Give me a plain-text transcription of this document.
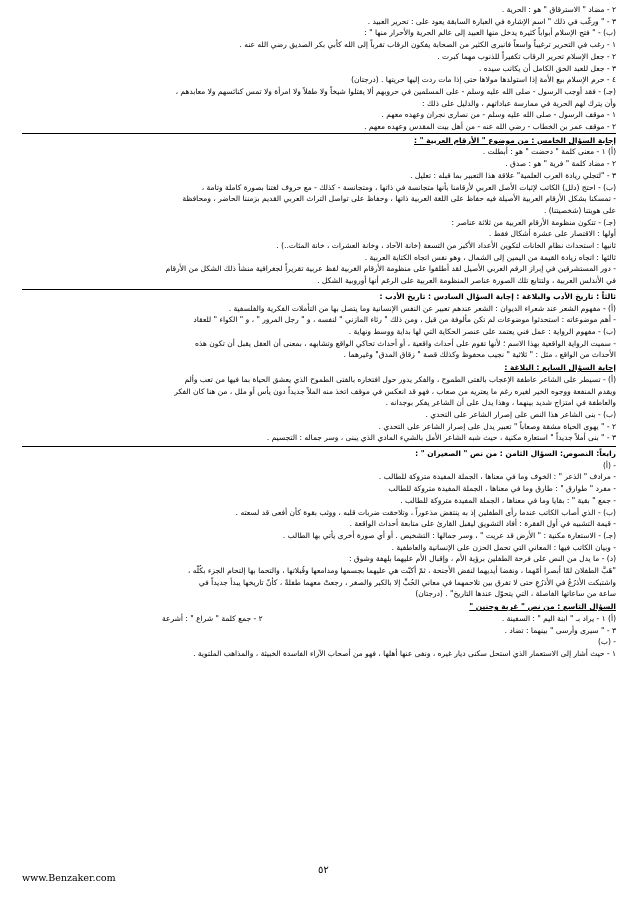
٢ - مضاد " الاسترقاق " هو : الحرية .
٣ - " ورغّب في ذلك " اسم الإشارة في العبارة السابقة يعود على : تحرير العبيد .
(ب) - " فتح الإسلام أبواباً كثيرة يدخل منها العبيد إلى عالم الحرية والأحرار منها " :
١ - رغب في التحرير ترغيباً واسعاً فانبرى الكثير من الصحابة يفكون الرقاب تقرباً إلى الله كأبي بكر الصديق رضي الله عنه .
٢ - جعل الإسلام تحرير الرقاب تكفيراً للذنوب مهما كبرت .
٣ - جعل للعبد الحق الكامل أن يكاتب سيده .
٤ - حرم الإسلام بيع الأمة إذا استولدها مولاها حتى إذا مات ردت إليها حريتها . (درجتان)
(جـ) - فقد أوجب الرسول - صلى الله عليه وسلم - على المسلمين في حروبهم ألا يقتلوا شيخاً ولا طفلاً ولا امرأة ولا تمس كنائسهم ولا معابدهم ،
وأن يترك لهم الحرية في ممارسة عباداتهم ، والدليل على ذلك :
١ - موقف الرسول - صلى الله عليه وسلم - من نصارى نجران وعهده معهم .
٢ - موقف عمر بن الخطاب - رضي الله عنه - من أهل بيت المقدس وعهده معهم .
إجابة السؤال الخامس : من موضوع " الأرقام العربية " :
(أ) ١ - معنى كلمة " دحضت " هو : أبطلت .
٢ - مضاد كلمة " فرية " هو : صدق .
٣ - "لتجلي ريادة العرب العلمية" علاقة هذا التعبير بما قبله : تعليل .
(ب) - احتج (دلل) الكاتب لإثبات الأصل العربي لأرقامنا بأنها متجانسة في ذاتها ، ومتجانسة - كذلك - مع حروف لغتنا بصورة كاملة وتامة ،
- تمسكنا بشكل الأرقام العربية الأصيلة فيه حفاظ على اللغة العربية ذاتها ، وحفاظ على تواصل التراث العربي القديم بزمننا الحاضر ، ومحافظة
على هويتنا (شخصيتنا) .
(جـ) - تتكون منظومة الأرقام العربية من ثلاثة عناصر :
أولها : الاقتصار على عشرة أشكال فقط .
ثانيها : استحداث نظام الخانات لتكوين الأعداد الأكبر من التسعة (خانة الآحاد ، وخانة العشرات ، خانة المئات..) .
ثالثها : اتجاه زيادة القيمة من اليمين إلى الشمال ، وهو نفس اتجاه الكتابة العربية .
- دور المستشرقين في إبراز الرقم العربي الأصيل لقد أطلقوا على منظومة الأرقام الغربية لفظ عربية تقريراً لجغرافية منشأ ذلك الشكل من الأرقام
في الأندلس العربية ، ولتتابع تلك الصورة عناصر المنظومة العربية على الرغم أنها أوروبية الشكل .
ثالثاً : تاريخ الأدب والبلاغة : إجابة السؤال السادس : تاريخ الأدب :
(أ) - مفهوم الشعر عند شعراء الديوان : الشعر عندهم تعبير عن النفس الإنسانية وما يتصل بها من التأملات الفكرية والفلسفية .
- أهم موضوعاته : استحدثوا موضوعات لم تكن مألوفة من قبل ، ومن ذلك " رثاء المازني " لنفسه ، و " رجل المرور " ، و " الكواء " للعقاد
(ب) - مفهوم الرواية : عمل فني يعتمد على عنصر الحكاية التي لها بداية ووسط ونهاية .
- سميت الرواية الواقعية بهذا الاسم ؛ لأنها تقوم على أحداث واقعية ، أو أحداث تحاكي الواقع وتشابهه ، بمعنى أن العقل يقبل أن تكون هذه
الأحداث من الواقع ، مثل : " ثلاثية " نجيب محفوظ وكذلك قصة " زقاق المدق" وغيرهما .
إجابة السؤال السابع : البلاغة :
(أ) - تسيطر على الشاعر عاطفة الإعجاب بالفتى الطموح ، والفكر يدور حول افتخاره بالفتى الطموح الذي يعشق الحياة بما فيها من تعب وألم
ويقدم المنفعة ووجوه الخير لغيره رغم ما يعتريه من صعاب ، فهو قد انعكس في موقف اتخذ منه الملاً جديداً دون يأس أو ملل ، من هنا كان الفكر
والعاطفة في امتزاج شديد بينهما ، وهذا يدل على أن الشاعر يفكر بوجدانه .
(ب) - بنى الشاعر هذا النص على إصرار الشاعر على التحدي .
٢ - " يهوى الحياة مشقة وصعاباً " تعبير يدل على إصرار الشاعر على التحدي .
٣ - " بنى أملاً جديداً " استعارة مكنية ، حيث شبه الشاعر الأمل بالشيء المادي الذي يبنى ، وسر جماله : التجسيم .
رابعاً: النصوص: السؤال الثامن : من نص " الصغيران " :
- (أ)
- مرادف " الذعر " : الخوف وما في معناها ، الجملة المفيدة متروكة للطالب .
- مفرد " طوارق " : طارق وما في معناها ، الجملة المفيدة متروكة للطالب
- جمع " بقية " : بقايا وما في معناها ، الجملة المفيدة متروكة للطالب .
(ب) - الذي أصاب الكاتب عندما رأى الطفلين إذ به ينتفض مذعوراً ، وتلاحقت ضربات قلبه ، ووثب بقوة كأن أفعى قد لسعته .
- قيمة التشبيه في أول الفقرة : أفاد التشويق ليقبل القارئ على متابعة أحداث الواقعة .
(جـ) - الاستعارة مكنية : " الأرض قد عريت " ، وسر جمالها : التشخيص . أو أي صورة أخرى يأتي بها الطالب .
- وبيان الكاتب فيها : المعاني التي تحمل الحزن على الإنسانية والعاطفية .
(د) - ما يدل من النص على فرحة الطفلين برؤية الأم ، وإقبال الأم عليهما بلهفة وشوق :
"هَبَّ الطفلان لمّا أبصرا أمّهما ، ونفضا أيديهما لنفض الأجنحة ، ثمّ أكبّت هي عليهما بجسمها ومدامعها وقُبلاتها ، والتحما بها إلتحام الجزء بكُلّه ،
واشتبكت الأذرُعُ في الأذرُعِ حتى لا تفرق بين تلاحمهما في معاني الحُبِّ إلا بالكبر والصغر ، رجعتْ معهما طفلةً ، كأنّ تاريخها يبدأ جديداً في
ساعة من ساعاتها الفاصلة ، التي يتحوّل عندها التاريخ" . (درجتان)
السؤال التاسع : من نص " غربة وحنين "
(أ) ١ - يراد بـ " ابنة اليم " : السفينة .
٢ - جمع كلمة " شراع " : أشرعة
٣ - " سيرى وأرسى " بينهما : تضاد .
- (ب)
١ - حيث أشار إلى الاستعمار الذي استحل سكنى ديار غيره ، ونفى عنها أهلها ، فهو من أصحاب الآراء الفاسدة الخبيثة ، والمذاهب الملتوية .
www.Benzaker.com
٥٢
